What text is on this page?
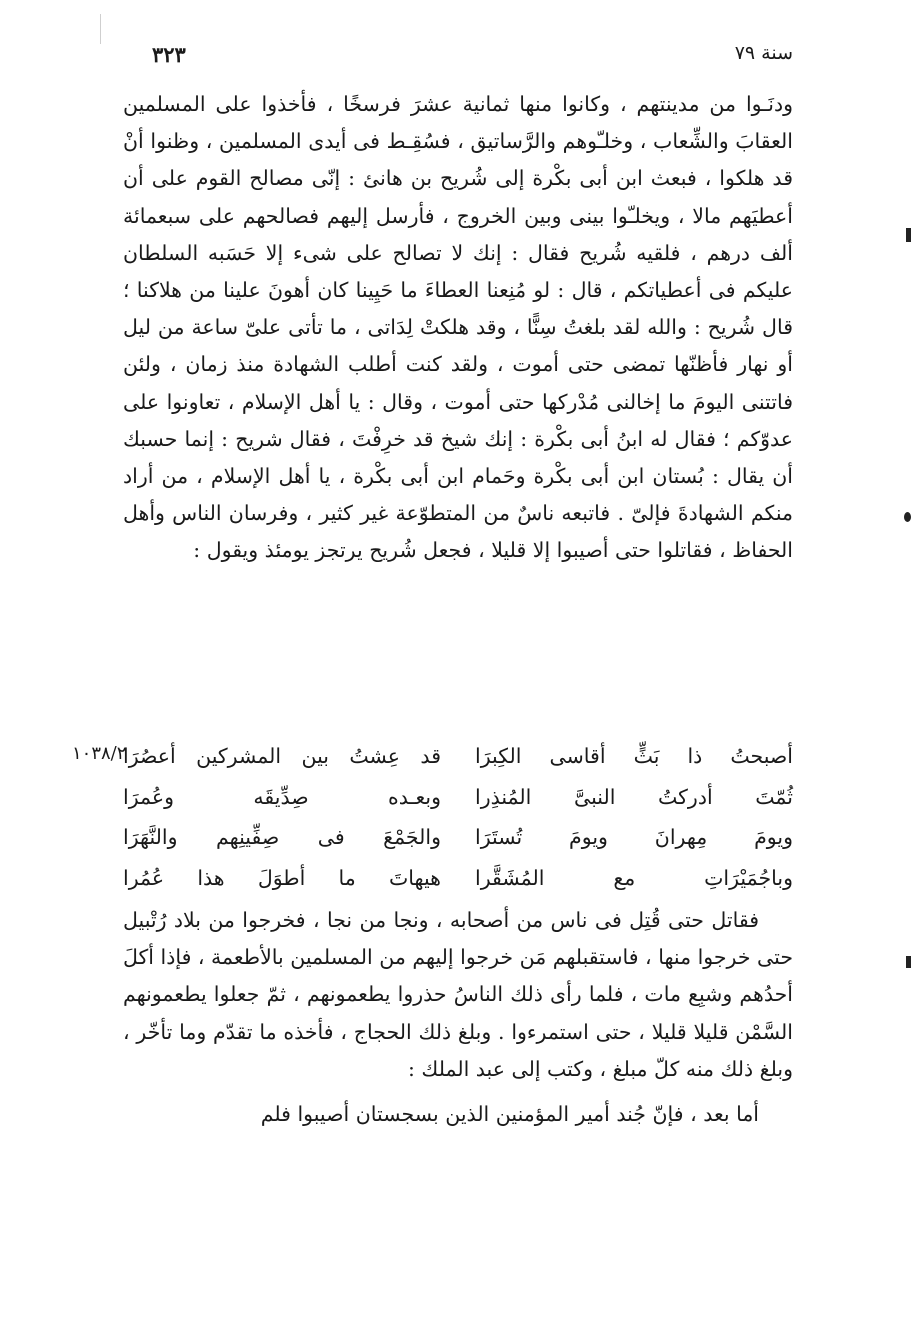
٣٢٣	سنة ٧٩

ودنَـوا من مدينتهم ، وكانوا منها ثمانية عشرَ فرسخًا ، فأخذوا على المسلمين العقابَ والشِّعاب ، وخلـّوهم والرَّساتيق ، فسُقِـط فى أيدى المسلمين ، وظنوا أنْ قد هلكوا ، فبعث ابن أبى بكْرة إلى شُريح بن هانئ : إنّى مصالح القوم على أن أعطيَهم مالا ، ويخلـّوا بينى وبين الخروج ، فأرسل إليهم فصالحهم على سبعمائة ألف درهم ، فلقيه شُريح فقال : إنك لا تصالح على شىء إلا حَسَبه السلطان عليكم فى أعطياتكم ، قال : لو مُنِعنا العطاءَ ما حَيِينا كان أهونَ علينا من هلاكنا ؛ قال شُريح : والله لقد بلغتُ سِنًّا ، وقد هلكتْ لِدَاتى ، ما تأتى علىّ ساعة من ليل أو نهار فأظنّها تمضى حتى أموت ، ولقد كنت أطلب الشهادة منذ زمان ، ولئن فاتتنى اليومَ ما إخالنى مُدْركها حتى أموت ، وقال : يا أهل الإسلام ، تعاونوا على عدوّكم ؛ فقال له ابنُ أبى بكْرة : إنك شيخ قد خرِفْتَ ، فقال شريح : إنما حسبك أن يقال : بُستان ابن أبى بكْرة وحَمام ابن أبى بكْرة ، يا أهل الإسلام ، من أراد منكم الشهادةَ فإلىّ . فاتبعه ناسٌ من المتطوّعة غير كثير ، وفرسان الناس وأهل الحفاظ ، فقاتلوا حتى أصيبوا إلا قليلا ، فجعل شُريح يرتجز يومئذ ويقول :

١٠٣٨/٢	أصبحتُ ذا بَثٍّ أقاسى الكِبرَا
قد عِشتُ بين المشركين أعصُرَا
ثُمّتَ أدركتُ النبىَّ المُنذِرا
وبعـده صِدِّيقَه وعُمرَا
ويومَ مِهرانَ ويومَ تُستَرَا
والجَمْعَ فى صِفِّينِهم والنَّهَرَا
وباجُمَيْرَاتِ مع المُشَقَّرا
هيهاتَ ما أطوَلَ هذا عُمُرا

فقاتل حتى قُتِل فى ناس من أصحابه ، ونجا من نجا ، فخرجوا من بلاد رُتْبيل حتى خرجوا منها ، فاستقبلهم مَن خرجوا إليهم من المسلمين بالأطعمة ، فإذا أكلَ أحدُهم وشبِع مات ، فلما رأى ذلك الناسُ حذروا يطعمونهم ، ثمّ جعلوا يطعمونهم السَّمْن قليلا قليلا ، حتى استمرءوا . وبلغ ذلك الحجاج ، فأخذه ما تقدّم وما تأخّر ، وبلغ ذلك منه كلّ مبلغ ، وكتب إلى عبد الملك :

أما بعد ، فإنّ جُند أمير المؤمنين الذين بسجستان أصيبوا فلم
